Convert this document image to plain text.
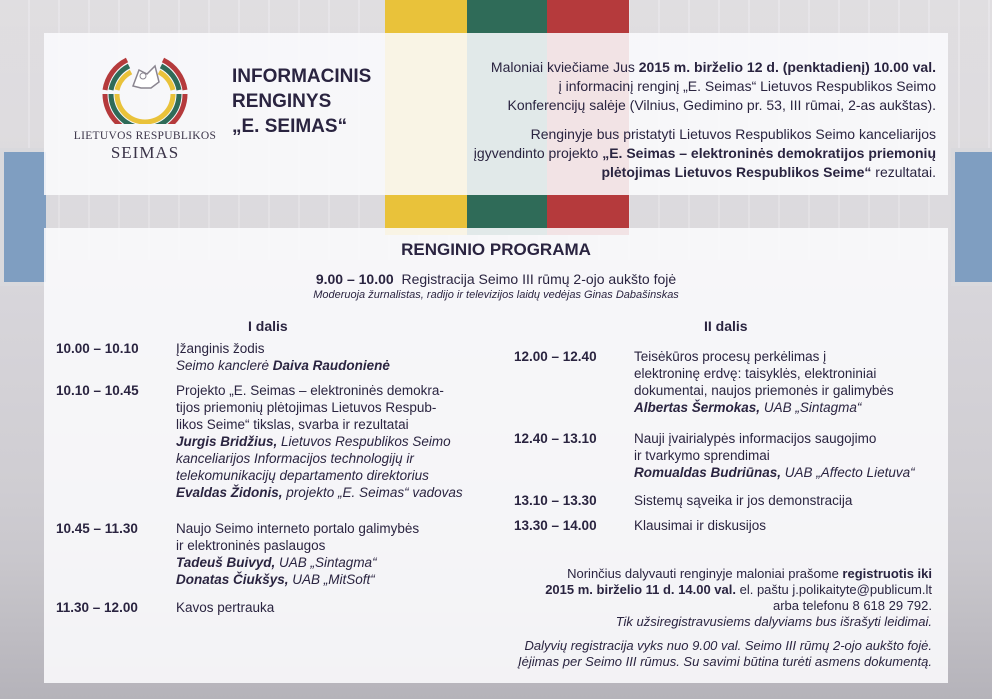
LIETUVOS RESPUBLIKOS
SEIMAS
INFORMACINIS
RENGINYS
„E. SEIMAS“

Maloniai kviečiame Jus 2015 m. birželio 12 d. (penktadienį) 10.00 val.
į informacinį renginį „E. Seimas“ Lietuvos Respublikos Seimo
Konferencijų salėje (Vilnius, Gedimino pr. 53, III rūmai, 2-as aukštas).

Renginyje bus pristatyti Lietuvos Respublikos Seimo kanceliarijos
įgyvendinto projekto „E. Seimas – elektroninės demokratijos priemonių
plėtojimas Lietuvos Respublikos Seime“ rezultatai.

RENGINIO PROGRAMA
9.00 – 10.00 Registracija Seimo III rūmų 2-ojo aukšto fojė
Moderuoja žurnalistas, radijo ir televizijos laidų vedėjas Ginas Dabašinskas
I dalis
10.00 – 10.10	Įžanginis žodis
Seimo kanclerė Daiva Raudonienė
10.10 – 10.45	Projekto „E. Seimas – elektroninės demokra-
tijos priemonių plėtojimas Lietuvos Respub-
likos Seime“ tikslas, svarba ir rezultatai
Jurgis Bridžius, Lietuvos Respublikos Seimo
kanceliarijos Informacijos technologijų ir
telekomunikacijų departamento direktorius
Evaldas Židonis, projekto „E. Seimas“ vadovas
10.45 – 11.30	Naujo Seimo interneto portalo galimybės
ir elektroninės paslaugos
Tadeuš Buivyd, UAB „Sintagma“
Donatas Čiukšys, UAB „MitSoft“
11.30 – 12.00	Kavos pertrauka
II dalis
12.00 – 12.40	Teisėkūros procesų perkėlimas į
elektroninę erdvę: taisyklės, elektroniniai
dokumentai, naujos priemonės ir galimybės
Albertas Šermokas, UAB „Sintagma“
12.40 – 13.10	Nauji įvairialypės informacijos saugojimo
ir tvarkymo sprendimai
Romualdas Budriūnas, UAB „Affecto Lietuva“
13.10 – 13.30	Sistemų sąveika ir jos demonstracija
13.30 – 14.00	Klausimai ir diskusijos
Norinčius dalyvauti renginyje maloniai prašome registruotis iki
2015 m. birželio 11 d. 14.00 val. el. paštu j.polikaityte@publicum.lt
arba telefonu 8 618 29 792.
Tik užsiregistravusiems dalyviams bus išrašyti leidimai.
Dalyvių registracija vyks nuo 9.00 val. Seimo III rūmų 2-ojo aukšto fojė.
Įėjimas per Seimo III rūmus. Su savimi būtina turėti asmens dokumentą.
